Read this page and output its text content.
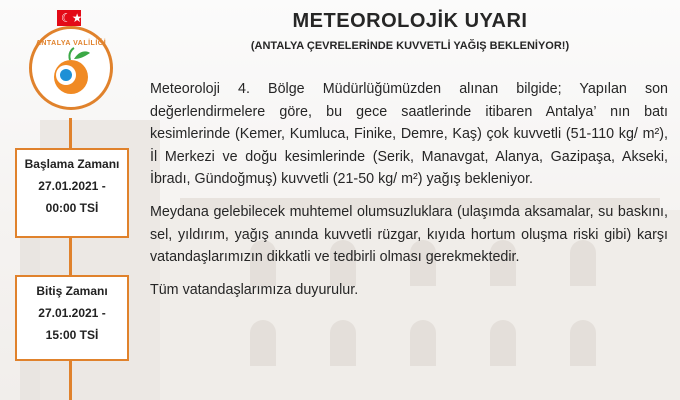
ANTALYA VALİLİĞİ
☾★
Başlama Zamanı
27.01.2021 -
00:00 TSİ
Bitiş Zamanı
27.01.2021 -
15:00 TSİ
METEOROLOJİK UYARI
(ANTALYA ÇEVRELERİNDE KUVVETLİ YAĞIŞ BEKLENİYOR!)

Meteoroloji 4. Bölge Müdürlüğümüzden alınan bilgide; Yapılan son değerlendirmelere göre, bu gece saatlerinde itibaren Antalya’ nın batı kesimlerinde (Kemer, Kumluca, Finike, Demre, Kaş) çok kuvvetli (51-110 kg/ m²), İl Merkezi ve doğu kesimlerinde (Serik, Manavgat, Alanya, Gazipaşa, Akseki, İbradı, Gündoğmuş) kuvvetli (21-50 kg/ m²) yağış bekleniyor.

Meydana gelebilecek muhtemel olumsuzluklara (ulaşımda aksamalar, su baskını, sel, yıldırım, yağış anında kuvvetli rüzgar, kıyıda hortum oluşma riski gibi) karşı vatandaşlarımızın dikkatli ve tedbirli olması gerekmektedir.

Tüm vatandaşlarımıza duyurulur.
